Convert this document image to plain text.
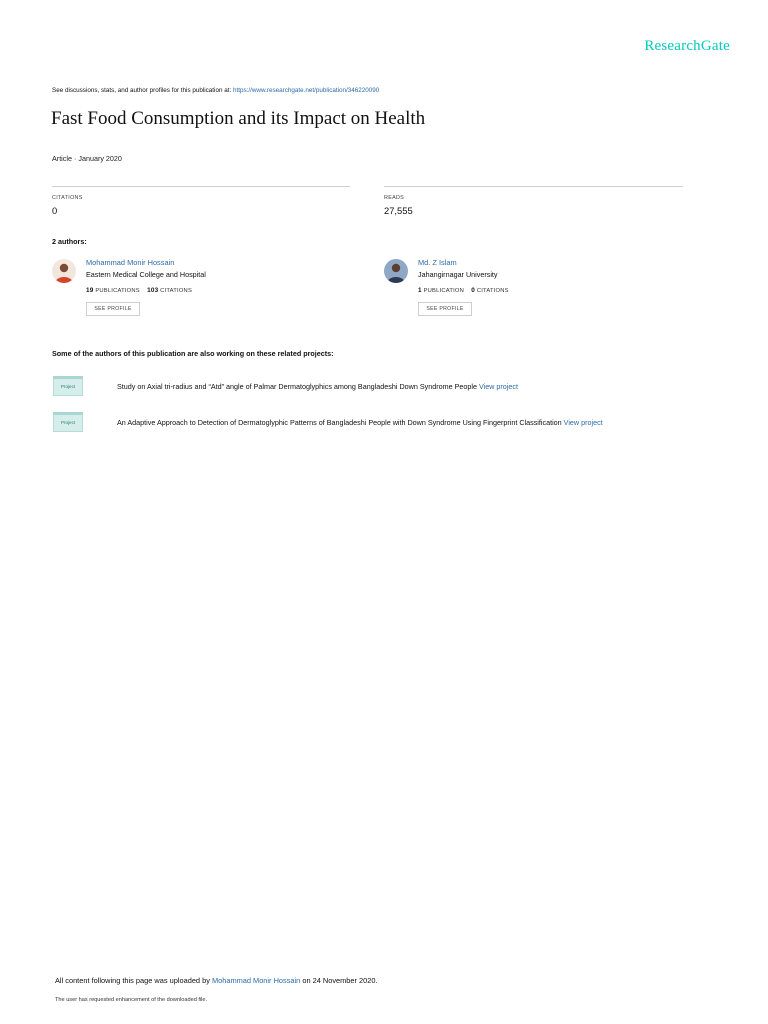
ResearchGate
See discussions, stats, and author profiles for this publication at: https://www.researchgate.net/publication/346220090
Fast Food Consumption and its Impact on Health
Article · January 2020
CITATIONS
0
READS
27,555
2 authors:
Mohammad Monir Hossain
Eastern Medical College and Hospital
19 PUBLICATIONS 103 CITATIONS
SEE PROFILE
Md. Z Islam
Jahangirnagar University
1 PUBLICATION 0 CITATIONS
SEE PROFILE
Some of the authors of this publication are also working on these related projects:
Project	Study on Axial tri-radius and “Atd” angle of Palmar Dermatoglyphics among Bangladeshi Down Syndrome People View project
Project	An Adaptive Approach to Detection of Dermatoglyphic Patterns of Bangladeshi People with Down Syndrome Using Fingerprint Classification View project
All content following this page was uploaded by Mohammad Monir Hossain on 24 November 2020.
The user has requested enhancement of the downloaded file.
